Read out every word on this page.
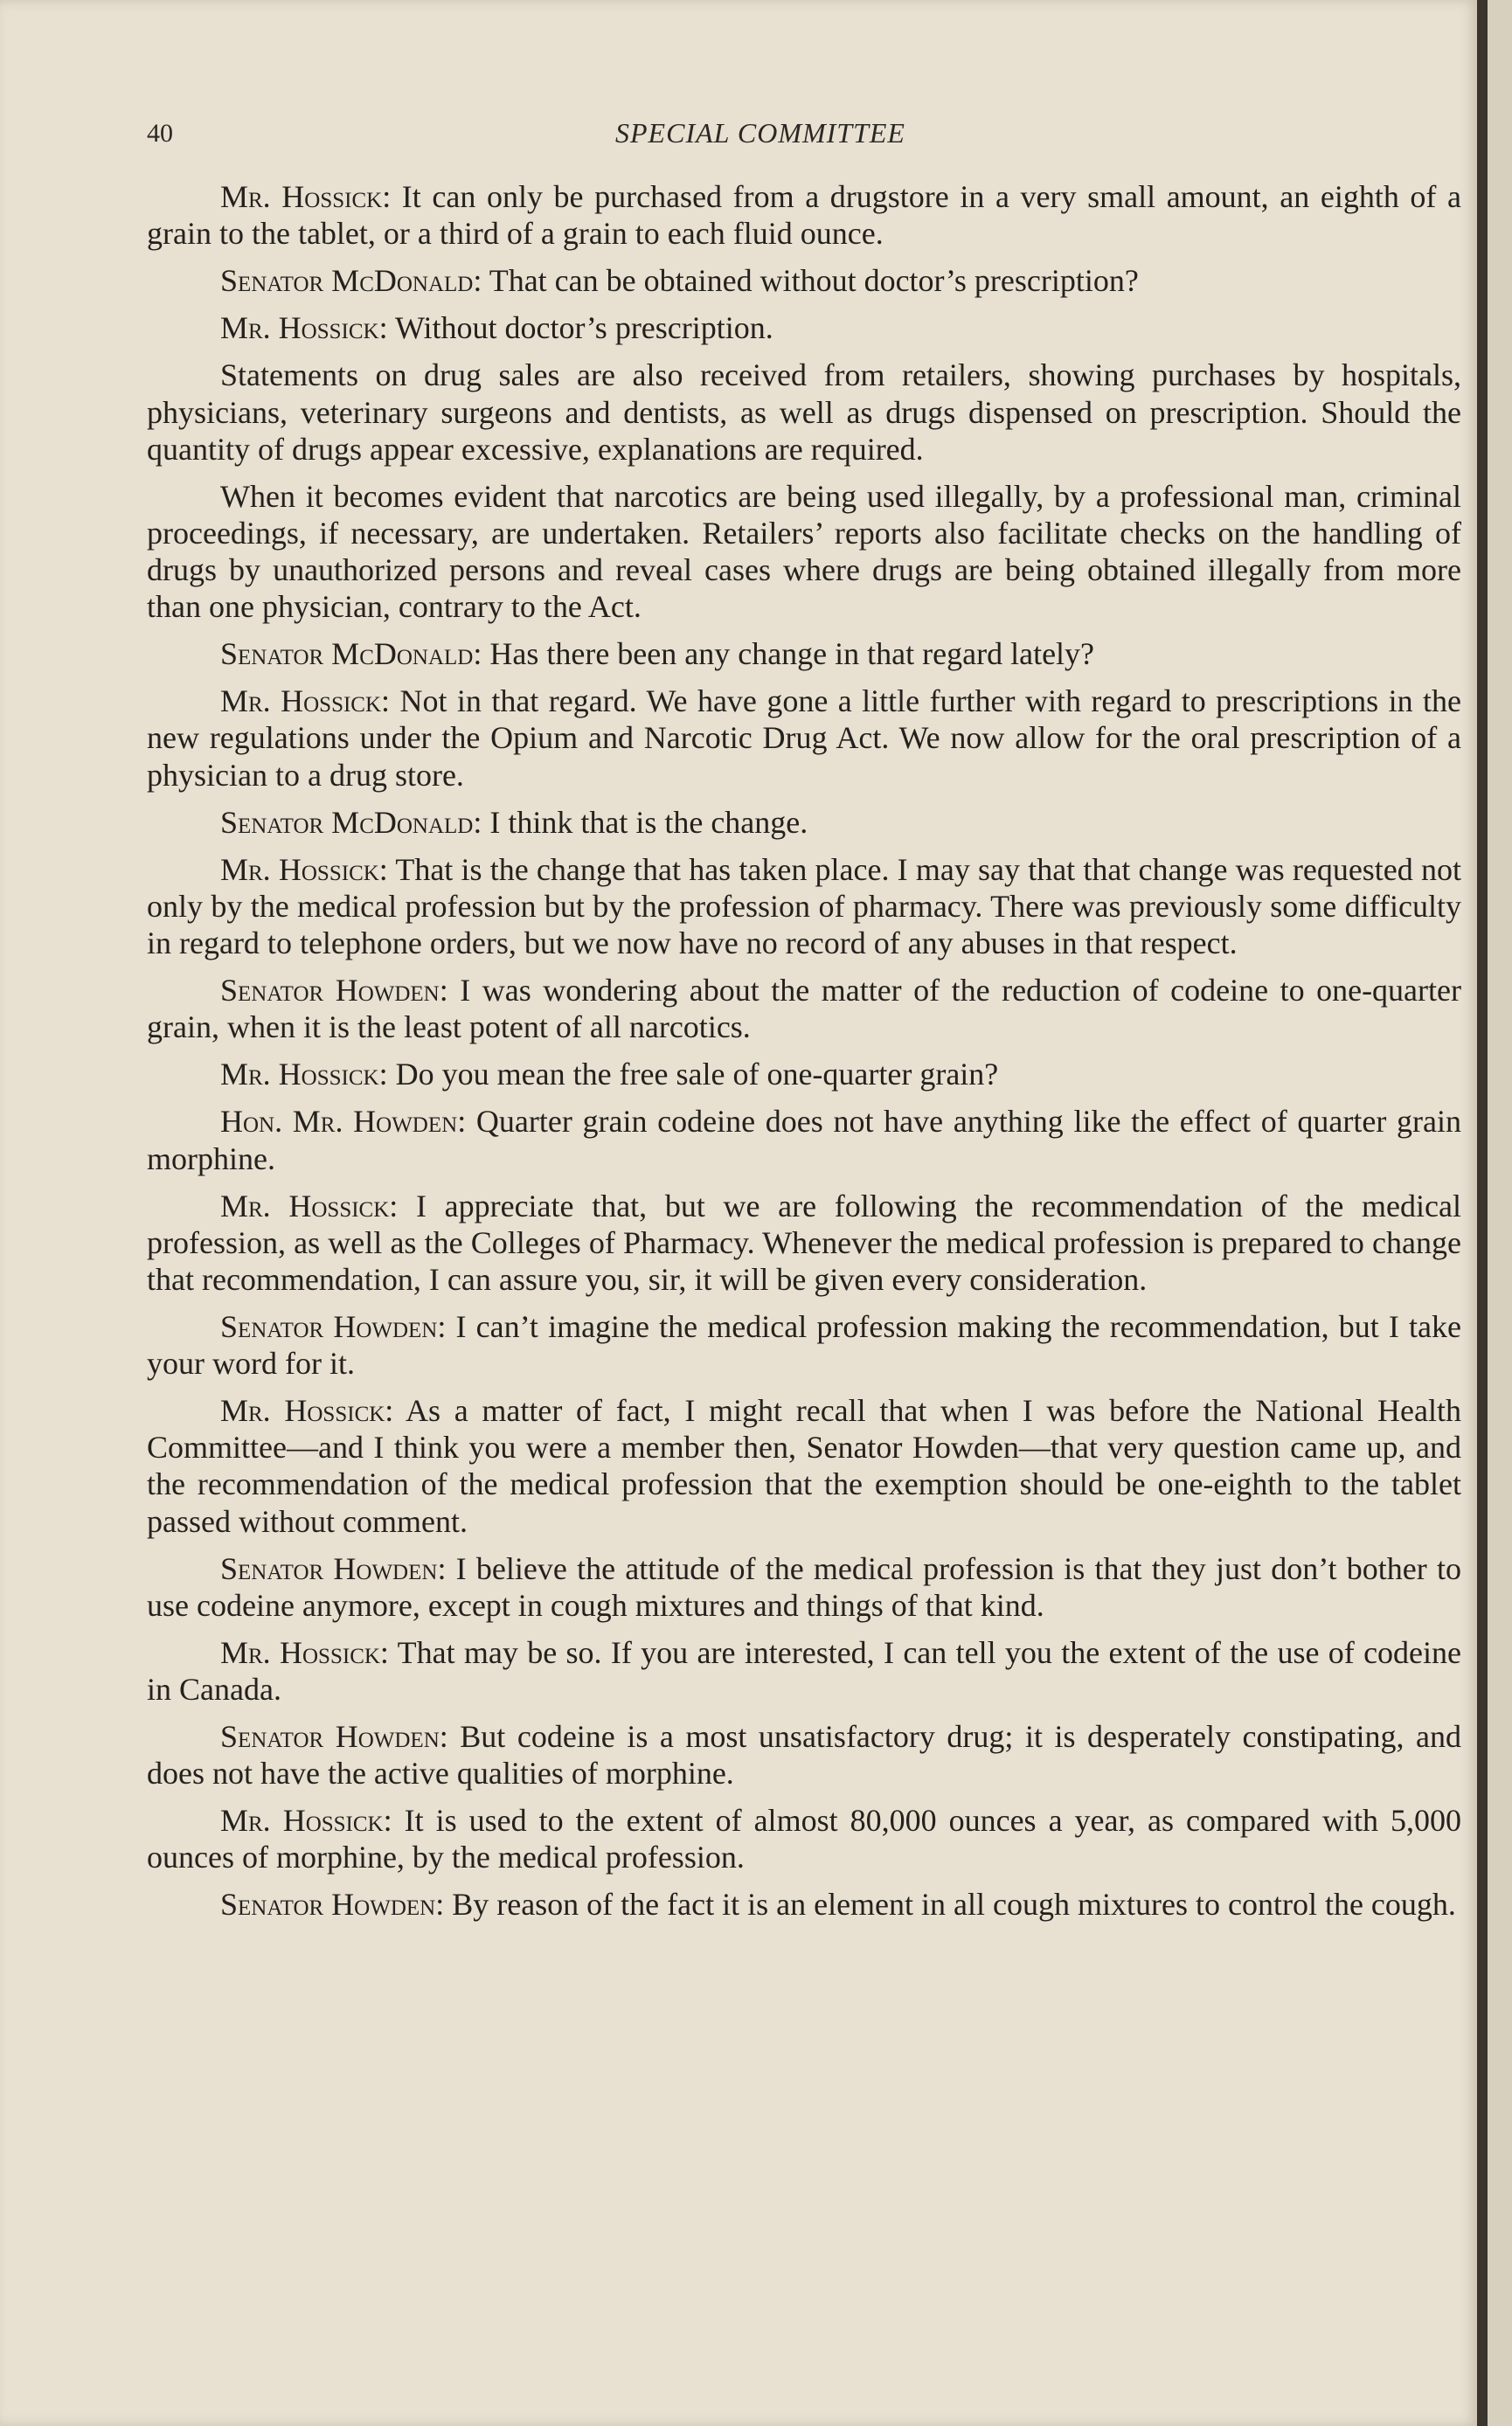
40	SPECIAL COMMITTEE

Mr. Hossick: It can only be purchased from a drugstore in a very small amount, an eighth of a grain to the tablet, or a third of a grain to each fluid ounce.

Senator McDonald: That can be obtained without doctor’s prescription?

Mr. Hossick: Without doctor’s prescription.

Statements on drug sales are also received from retailers, showing purchases by hospitals, physicians, veterinary surgeons and dentists, as well as drugs dispensed on prescription. Should the quantity of drugs appear excessive, explanations are required.

When it becomes evident that narcotics are being used illegally, by a professional man, criminal proceedings, if necessary, are undertaken. Retailers’ reports also facilitate checks on the handling of drugs by unauthorized persons and reveal cases where drugs are being obtained illegally from more than one physician, contrary to the Act.

Senator McDonald: Has there been any change in that regard lately?

Mr. Hossick: Not in that regard. We have gone a little further with regard to prescriptions in the new regulations under the Opium and Narcotic Drug Act. We now allow for the oral prescription of a physician to a drug store.

Senator McDonald: I think that is the change.

Mr. Hossick: That is the change that has taken place. I may say that that change was requested not only by the medical profession but by the profession of pharmacy. There was previously some difficulty in regard to telephone orders, but we now have no record of any abuses in that respect.

Senator Howden: I was wondering about the matter of the reduction of codeine to one-quarter grain, when it is the least potent of all narcotics.

Mr. Hossick: Do you mean the free sale of one-quarter grain?

Hon. Mr. Howden: Quarter grain codeine does not have anything like the effect of quarter grain morphine.

Mr. Hossick: I appreciate that, but we are following the recommendation of the medical profession, as well as the Colleges of Pharmacy. Whenever the medical profession is prepared to change that recommendation, I can assure you, sir, it will be given every consideration.

Senator Howden: I can’t imagine the medical profession making the recommendation, but I take your word for it.

Mr. Hossick: As a matter of fact, I might recall that when I was before the National Health Committee—and I think you were a member then, Senator Howden—that very question came up, and the recommendation of the medical profession that the exemption should be one-eighth to the tablet passed without comment.

Senator Howden: I believe the attitude of the medical profession is that they just don’t bother to use codeine anymore, except in cough mixtures and things of that kind.

Mr. Hossick: That may be so. If you are interested, I can tell you the extent of the use of codeine in Canada.

Senator Howden: But codeine is a most unsatisfactory drug; it is desperately constipating, and does not have the active qualities of morphine.

Mr. Hossick: It is used to the extent of almost 80,000 ounces a year, as compared with 5,000 ounces of morphine, by the medical profession.

Senator Howden: By reason of the fact it is an element in all cough mixtures to control the cough.
